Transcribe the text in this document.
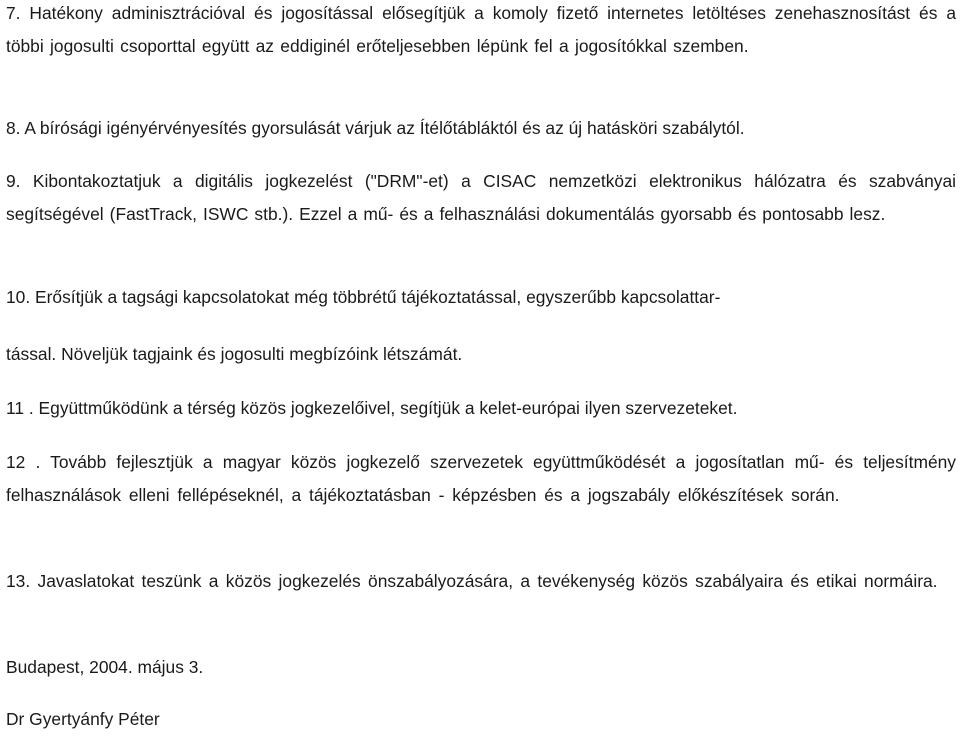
7. Hatékony adminisztrációval és jogosítással elősegítjük a komoly fizető internetes letöltéses zenehasznosítást és a többi jogosulti csoporttal együtt az eddiginél erőteljesebben lépünk fel a jogosítókkal szemben.

8. A bírósági igényérvényesítés gyorsulását várjuk az Ítélőtábláktól és az új hatásköri szabálytól.

9. Kibontakoztatjuk a digitális jogkezelést ("DRM"-et) a CISAC nemzetközi elektronikus hálózatra és szabványai segítségével (FastTrack, ISWC stb.). Ezzel a mű- és a felhasználási dokumentálás gyorsabb és pontosabb lesz.

10. Erősítjük a tagsági kapcsolatokat még többrétű tájékoztatással, egyszerűbb kapcsolattar-

tással. Növeljük tagjaink és jogosulti megbízóink létszámát.

11 . Együttműködünk a térség közös jogkezelőivel, segítjük a kelet-európai ilyen szervezeteket.

12 . Tovább fejlesztjük a magyar közös jogkezelő szervezetek együttműködését a jogosítatlan mű- és teljesítmény felhasználások elleni fellépéseknél, a tájékoztatásban - képzésben és a jogszabály előkészítések során.

13. Javaslatokat teszünk a közös jogkezelés önszabályozására, a tevékenység közös szabályaira és etikai normáira.

Budapest, 2004. május 3.

Dr Gyertyánfy Péter
